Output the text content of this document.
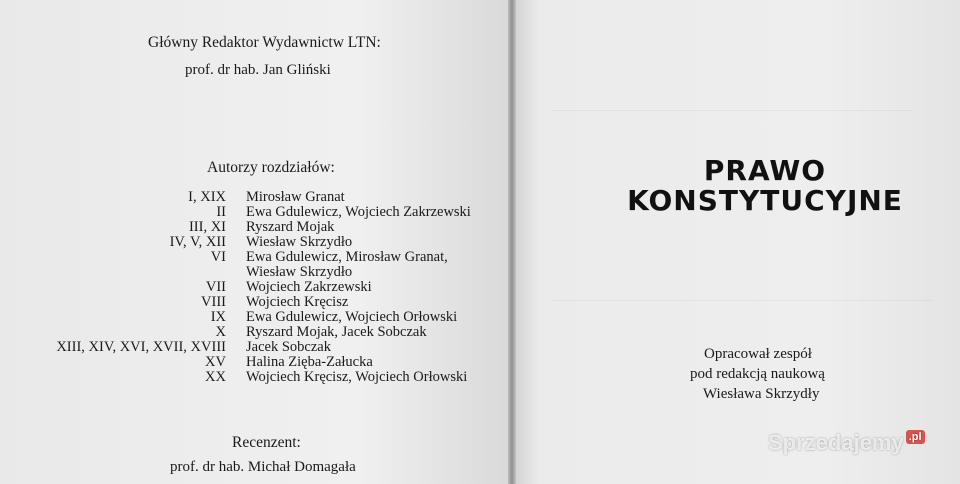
Główny Redaktor Wydawnictw LTN:
prof. dr hab. Jan Gliński
Autorzy rozdziałów:
I, XIX Mirosław Granat
II Ewa Gdulewicz, Wojciech Zakrzewski
III, XI Ryszard Mojak
IV, V, XII Wiesław Skrzydło
VI Ewa Gdulewicz, Mirosław Granat,
Wiesław Skrzydło
VII Wojciech Zakrzewski
VIII Wojciech Kręcisz
IX Ewa Gdulewicz, Wojciech Orłowski
X Ryszard Mojak, Jacek Sobczak
XIII, XIV, XVI, XVII, XVIII Jacek Sobczak
XV Halina Zięba-Załucka
XX Wojciech Kręcisz, Wojciech Orłowski
Recenzent:
prof. dr hab. Michał Domagała
PRAWO
KONSTYTUCYJNE
Opracował zespół
pod redakcją naukową
Wiesława Skrzydły
Sprzedajemy .pl
